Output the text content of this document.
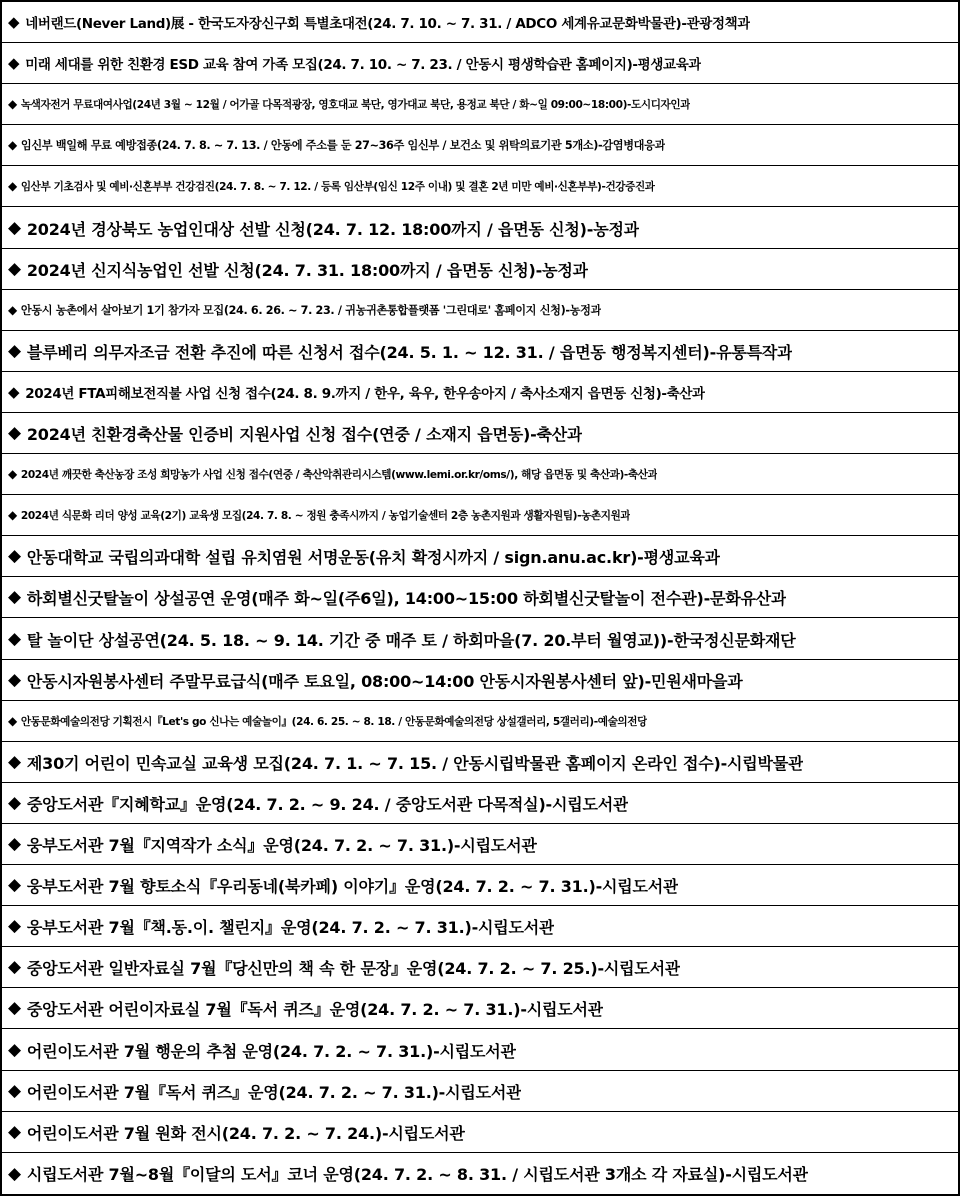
◆ 네버랜드(Never Land)展 - 한국도자장신구회 특별초대전(24. 7. 10. ~ 7. 31. / ADCO 세계유교문화박물관)-관광정책과
◆ 미래 세대를 위한 친환경 ESD 교육 참여 가족 모집(24. 7. 10. ~ 7. 23. / 안동시 평생학습관 홈페이지)-평생교육과
◆ 녹색자전거 무료대여사업(24년 3월 ~ 12월 / 어가골 다목적광장, 영호대교 북단, 영가대교 북단, 용정교 북단 / 화~일 09:00~18:00)-도시디자인과
◆ 임신부 백일해 무료 예방접종(24. 7. 8. ~ 7. 13. / 안동에 주소를 둔 27~36주 임신부 / 보건소 및 위탁의료기관 5개소)-감염병대응과
◆ 임산부 기초검사 및 예비·신혼부부 건강검진(24. 7. 8. ~ 7. 12. / 등록 임산부(임신 12주 이내) 및 결혼 2년 미만 예비·신혼부부)-건강증진과
◆ 2024년 경상북도 농업인대상 선발 신청(24. 7. 12. 18:00까지 / 읍면동 신청)-농정과
◆ 2024년 신지식농업인 선발 신청(24. 7. 31. 18:00까지 / 읍면동 신청)-농정과
◆ 안동시 농촌에서 살아보기 1기 참가자 모집(24. 6. 26. ~ 7. 23. / 귀농귀촌통합플랫폼 '그린대로' 홈페이지 신청)-농정과
◆ 블루베리 의무자조금 전환 추진에 따른 신청서 접수(24. 5. 1. ~ 12. 31. / 읍면동 행정복지센터)-유통특작과
◆ 2024년 FTA피해보전직불 사업 신청 접수(24. 8. 9.까지 / 한우, 육우, 한우송아지 / 축사소재지 읍면동 신청)-축산과
◆ 2024년 친환경축산물 인증비 지원사업 신청 접수(연중 / 소재지 읍면동)-축산과
◆ 2024년 깨끗한 축산농장 조성 희망농가 사업 신청 접수(연중 / 축산악취관리시스템(www.lemi.or.kr/oms/), 해당 읍면동 및 축산과)-축산과
◆ 2024년 식문화 리더 양성 교육(2기) 교육생 모집(24. 7. 8. ~ 정원 충족시까지 / 농업기술센터 2층 농촌지원과 생활자원팀)-농촌지원과
◆ 안동대학교 국립의과대학 설립 유치염원 서명운동(유치 확정시까지 / sign.anu.ac.kr)-평생교육과
◆ 하회별신굿탈놀이 상설공연 운영(매주 화~일(주6일), 14:00~15:00 하회별신굿탈놀이 전수관)-문화유산과
◆ 탈 놀이단 상설공연(24. 5. 18. ~ 9. 14. 기간 중 매주 토 / 하회마을(7. 20.부터 월영교))-한국정신문화재단
◆ 안동시자원봉사센터 주말무료급식(매주 토요일, 08:00~14:00 안동시자원봉사센터 앞)-민원새마을과
◆ 안동문화예술의전당 기획전시『Let's go 신나는 예술놀이』(24. 6. 25. ~ 8. 18. / 안동문화예술의전당 상설갤러리, 5갤러리)-예술의전당
◆ 제30기 어린이 민속교실 교육생 모집(24. 7. 1. ~ 7. 15. / 안동시립박물관 홈페이지 온라인 접수)-시립박물관
◆ 중앙도서관『지혜학교』운영(24. 7. 2. ~ 9. 24. / 중앙도서관 다목적실)-시립도서관
◆ 웅부도서관 7월『지역작가 소식』운영(24. 7. 2. ~ 7. 31.)-시립도서관
◆ 웅부도서관 7월 향토소식『우리동네(북카페) 이야기』운영(24. 7. 2. ~ 7. 31.)-시립도서관
◆ 웅부도서관 7월『책.동.이. 챌린지』운영(24. 7. 2. ~ 7. 31.)-시립도서관
◆ 중앙도서관 일반자료실 7월『당신만의 책 속 한 문장』운영(24. 7. 2. ~ 7. 25.)-시립도서관
◆ 중앙도서관 어린이자료실 7월『독서 퀴즈』운영(24. 7. 2. ~ 7. 31.)-시립도서관
◆ 어린이도서관 7월 행운의 추첨 운영(24. 7. 2. ~ 7. 31.)-시립도서관
◆ 어린이도서관 7월『독서 퀴즈』운영(24. 7. 2. ~ 7. 31.)-시립도서관
◆ 어린이도서관 7월 원화 전시(24. 7. 2. ~ 7. 24.)-시립도서관
◆ 시립도서관 7월~8월『이달의 도서』코너 운영(24. 7. 2. ~ 8. 31. / 시립도서관 3개소 각 자료실)-시립도서관
